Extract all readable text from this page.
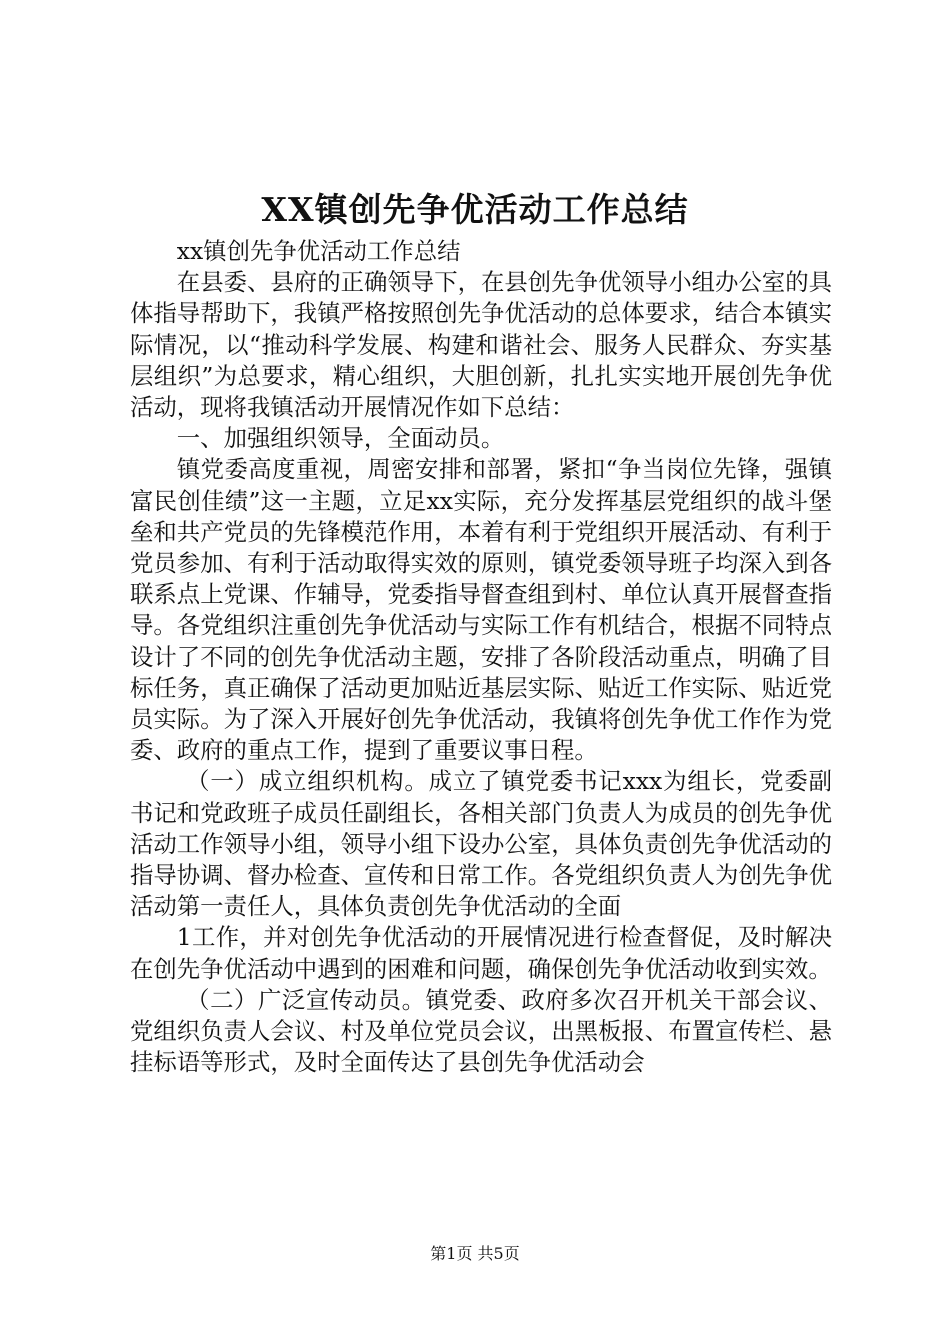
XX镇创先争优活动工作总结

xx镇创先争优活动工作总结

在县委、县府的正确领导下，在县创先争优领导小组办公室的具体指导帮助下，我镇严格按照创先争优活动的总体要求，结合本镇实际情况，以“推动科学发展、构建和谐社会、服务人民群众、夯实基层组织”为总要求，精心组织，大胆创新，扎扎实实地开展创先争优活动，现将我镇活动开展情况作如下总结：

一、加强组织领导，全面动员。

镇党委高度重视，周密安排和部署，紧扣“争当岗位先锋，强镇富民创佳绩”这一主题，立足xx实际，充分发挥基层党组织的战斗堡垒和共产党员的先锋模范作用，本着有利于党组织开展活动、有利于党员参加、有利于活动取得实效的原则，镇党委领导班子均深入到各联系点上党课、作辅导，党委指导督查组到村、单位认真开展督查指导。各党组织注重创先争优活动与实际工作有机结合，根据不同特点设计了不同的创先争优活动主题，安排了各阶段活动重点，明确了目标任务，真正确保了活动更加贴近基层实际、贴近工作实际、贴近党员实际。为了深入开展好创先争优活动，我镇将创先争优工作作为党委、政府的重点工作，提到了重要议事日程。

（一）成立组织机构。成立了镇党委书记xxx为组长，党委副书记和党政班子成员任副组长，各相关部门负责人为成员的创先争优活动工作领导小组，领导小组下设办公室，具体负责创先争优活动的指导协调、督办检查、宣传和日常工作。各党组织负责人为创先争优活动第一责任人，具体负责创先争优活动的全面

1工作，并对创先争优活动的开展情况进行检查督促，及时解决在创先争优活动中遇到的困难和问题，确保创先争优活动收到实效。

（二）广泛宣传动员。镇党委、政府多次召开机关干部会议、党组织负责人会议、村及单位党员会议，出黑板报、布置宣传栏、悬挂标语等形式，及时全面传达了县创先争优活动会

第1页 共5页
